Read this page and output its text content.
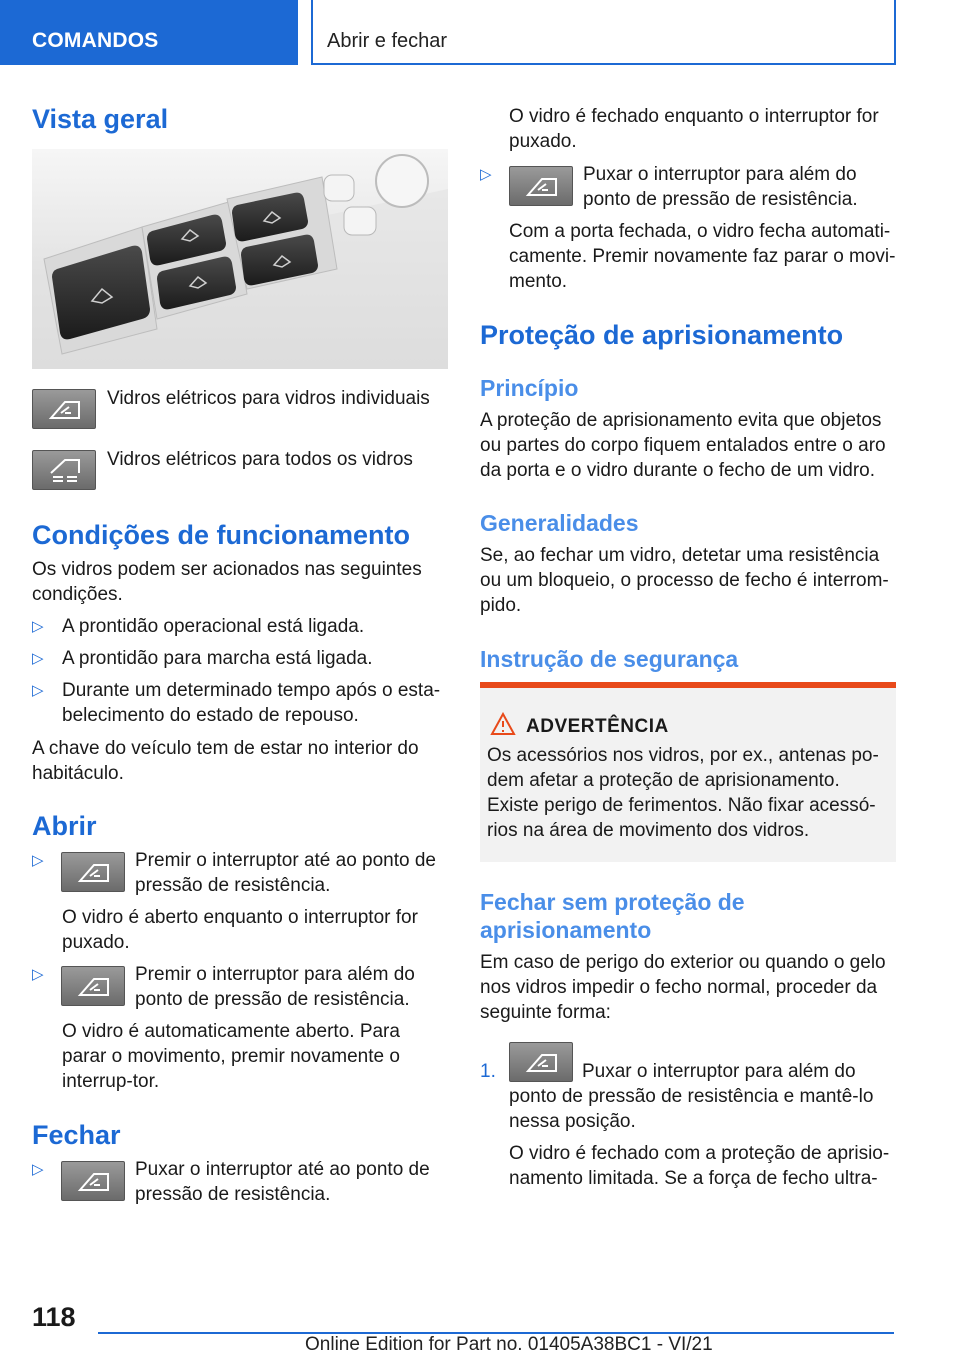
COMANDOS	Abrir e fechar
Vista geral

Vidros elétricos para vidros individuais

Vidros elétricos para todos os vidros

Condições de funcionamento

Os vidros podem ser acionados nas seguintes condições.

▷ A prontidão operacional está ligada.

▷ A prontidão para marcha está ligada.

▷ Durante um determinado tempo após o esta-belecimento do estado de repouso.

A chave do veículo tem de estar no interior do habitáculo.

Abrir
▷	Premir o interruptor até ao ponto de pressão de resistência.

O vidro é aberto enquanto o interruptor for puxado.

▷	Premir o interruptor para além do ponto de pressão de resistência.

O vidro é automaticamente aberto. Para parar o movimento, premir novamente o interrup-tor.

Fechar
▷	Puxar o interruptor até ao ponto de pressão de resistência.

O vidro é fechado enquanto o interruptor for puxado.

▷	Puxar o interruptor para além do ponto de pressão de resistência.

Com a porta fechada, o vidro fecha automati-camente. Premir novamente faz parar o movi-mento.

Proteção de aprisionamento
Princípio

A proteção de aprisionamento evita que objetos ou partes do corpo fiquem entalados entre o aro da porta e o vidro durante o fecho de um vidro.

Generalidades

Se, ao fechar um vidro, detetar uma resistência ou um bloqueio, o processo de fecho é interrom-pido.

Instrução de segurança
ADVERTÊNCIA
Os acessórios nos vidros, por ex., antenas po-dem afetar a proteção de aprisionamento. Existe perigo de ferimentos. Não fixar acessó-rios na área de movimento dos vidros.
Fechar sem proteção de aprisionamento

Em caso de perigo do exterior ou quando o gelo nos vidros impedir o fecho normal, proceder da seguinte forma:

1.	Puxar o interruptor para além do ponto de pressão de resistência e mantê-lo nessa posição.

O vidro é fechado com a proteção de aprisio-namento limitada. Se a força de fecho ultra-

118
Online Edition for Part no. 01405A38BC1 - VI/21
